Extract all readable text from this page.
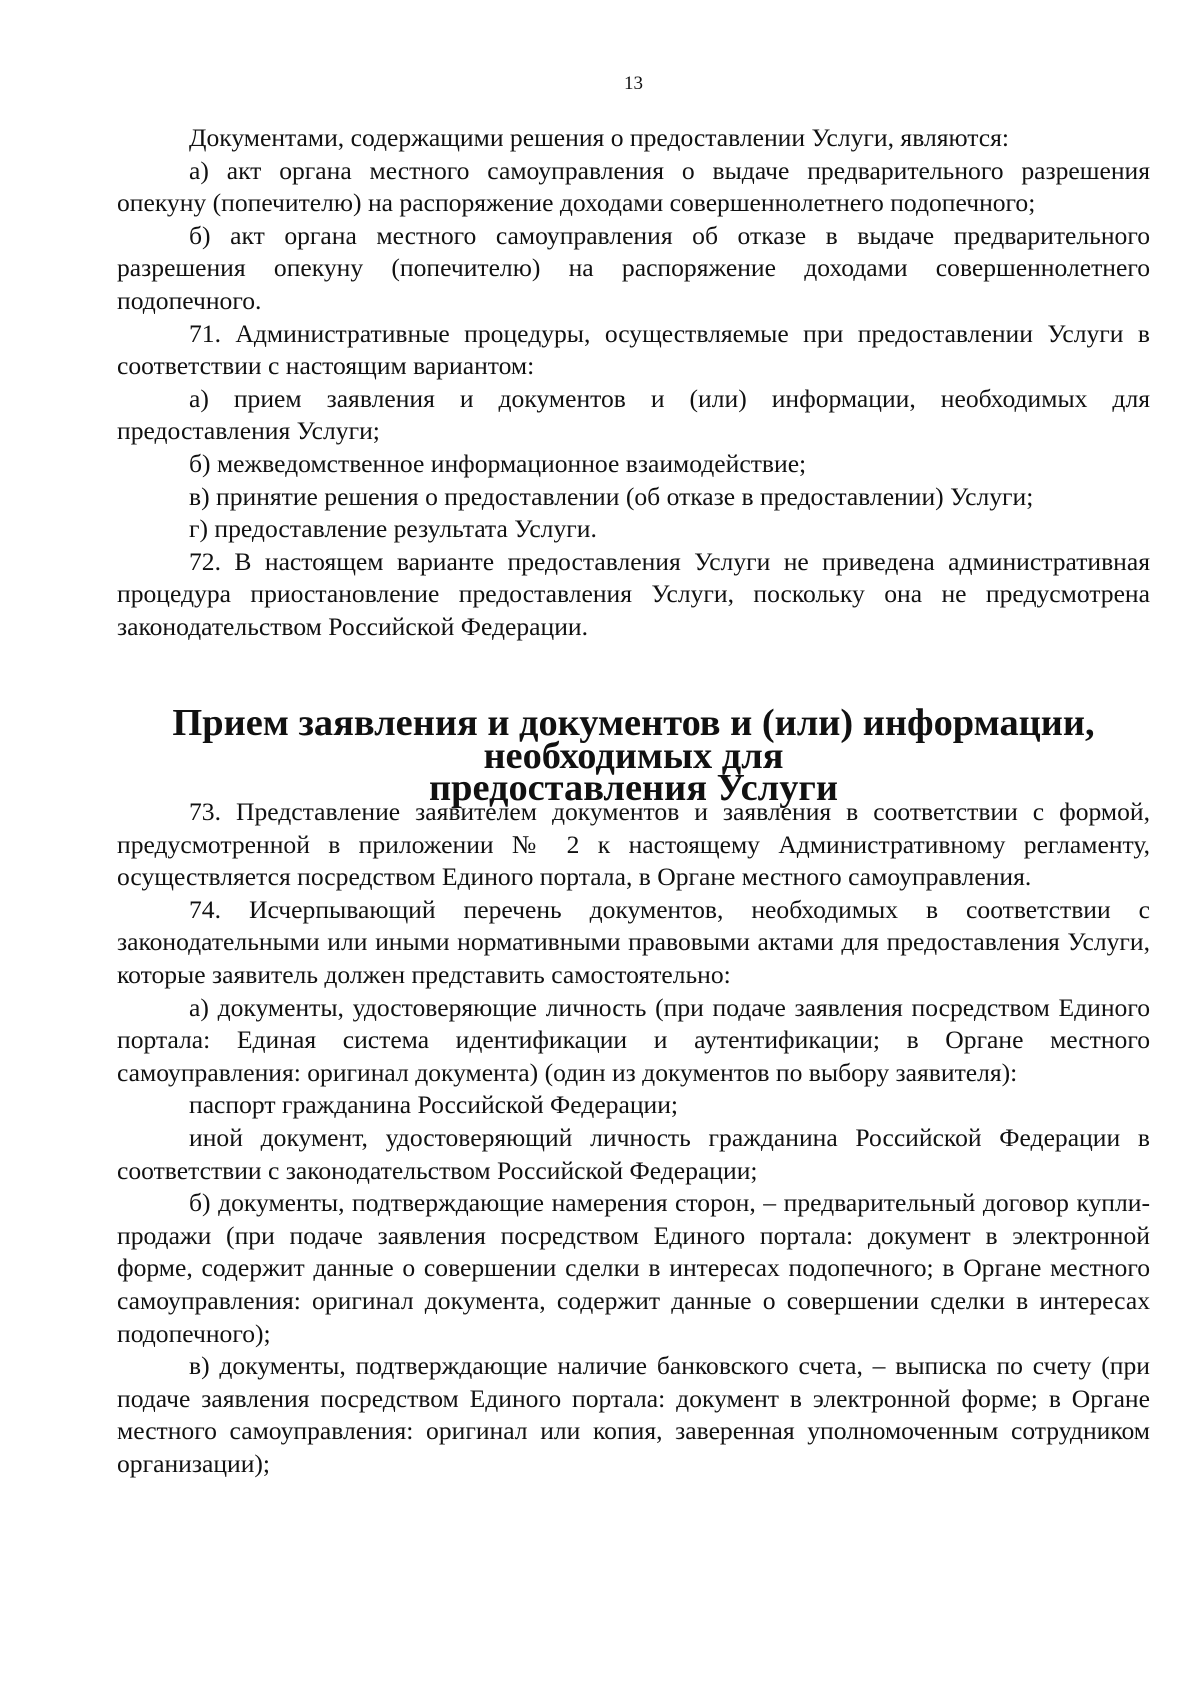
13

Документами, содержащими решения о предоставлении Услуги, являются:

а) акт органа местного самоуправления о выдаче предварительного разрешения опекуну (попечителю) на распоряжение доходами совершеннолетнего подопечного;

б) акт органа местного самоуправления об отказе в выдаче предварительного разрешения опекуну (попечителю) на распоряжение доходами совершеннолетнего подопечного.

71. Административные процедуры, осуществляемые при предоставлении Услуги в соответствии с настоящим вариантом:

а) прием заявления и документов и (или) информации, необходимых для предоставления Услуги;

б) межведомственное информационное взаимодействие;

в) принятие решения о предоставлении (об отказе в предоставлении) Услуги;

г) предоставление результата Услуги.

72. В настоящем варианте предоставления Услуги не приведена административная процедура приостановление предоставления Услуги, поскольку она не предусмотрена законодательством Российской Федерации.

Прием заявления и документов и (или) информации, необходимых для
предоставления Услуги

73. Представление заявителем документов и заявления в соответствии с формой, предусмотренной в приложении № 2 к настоящему Административному регламенту, осуществляется посредством Единого портала, в Органе местного самоуправления.

74. Исчерпывающий перечень документов, необходимых в соответствии с законодательными или иными нормативными правовыми актами для предоставления Услуги, которые заявитель должен представить самостоятельно:

а) документы, удостоверяющие личность (при подаче заявления посредством Единого портала: Единая система идентификации и аутентификации; в Органе местного самоуправления: оригинал документа) (один из документов по выбору заявителя):

паспорт гражданина Российской Федерации;

иной документ, удостоверяющий личность гражданина Российской Федерации в соответствии с законодательством Российской Федерации;

б) документы, подтверждающие намерения сторон, – предварительный договор купли-продажи (при подаче заявления посредством Единого портала: документ в электронной форме, содержит данные о совершении сделки в интересах подопечного; в Органе местного самоуправления: оригинал документа, содержит данные о совершении сделки в интересах подопечного);

в) документы, подтверждающие наличие банковского счета, – выписка по счету (при подаче заявления посредством Единого портала: документ в электронной форме; в Органе местного самоуправления: оригинал или копия, заверенная уполномоченным сотрудником организации);
